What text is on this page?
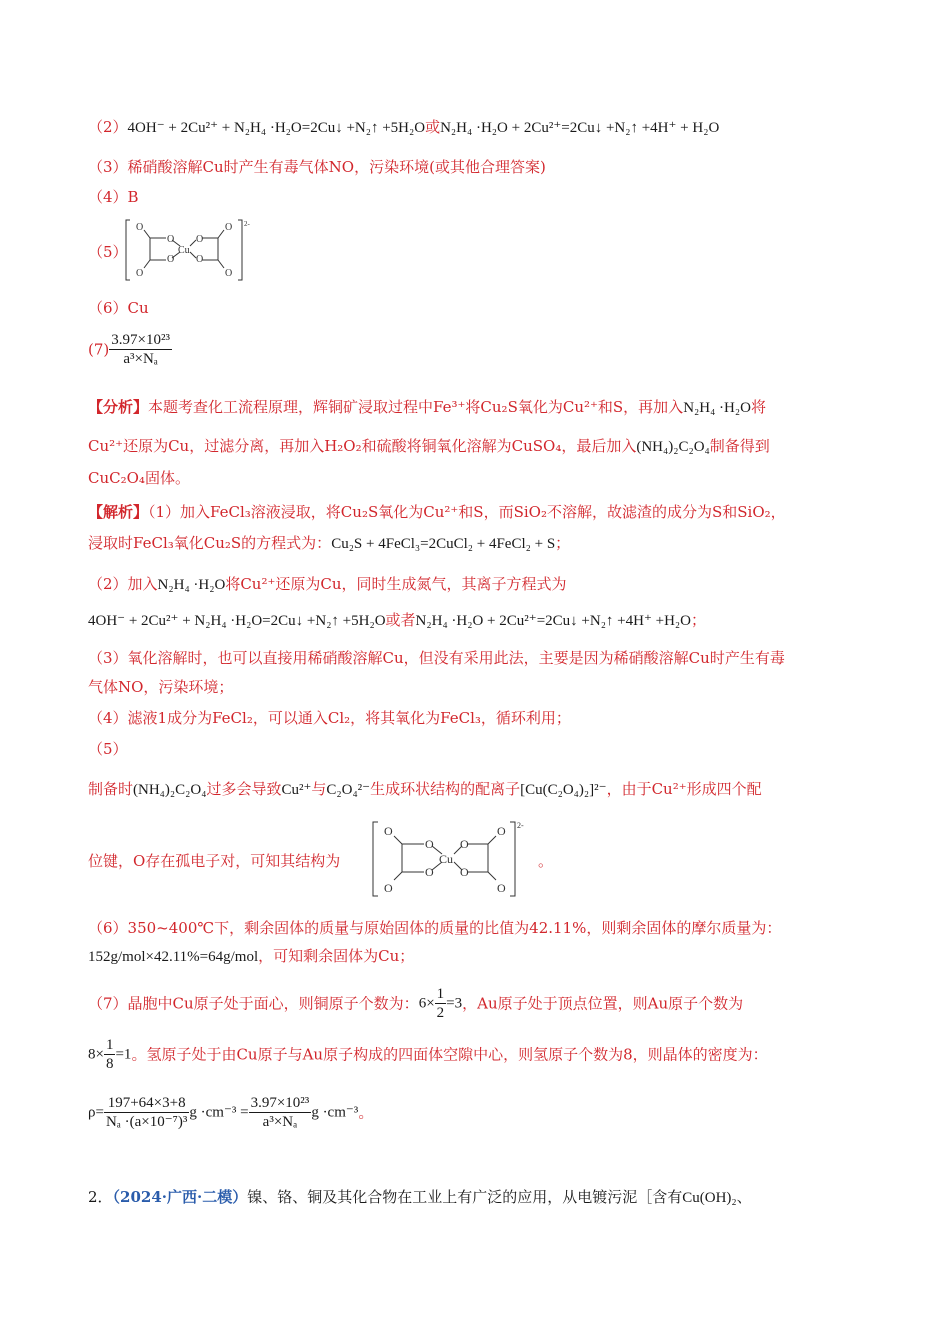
（2）4OH⁻ + 2Cu²⁺ + N₂H₄ ·H₂O=2Cu↓ +N₂↑ +5H₂O或N₂H₄ ·H₂O + 2Cu²⁺=2Cu↓ +N₂↑ +4H⁺ + H₂O
（3）稀硝酸溶解Cu时产生有毒气体NO，污染环境(或其他合理答案)
（4）B
（5）
O
O
O
O
O
O
O
O
Cu
2-
（6）Cu
$(7) \frac{\text{3.97×10²³}}{\text{a³×Nₐ}}$
【分析】本题考查化工流程原理，辉铜矿浸取过程中Fe³⁺将Cu₂S氧化为Cu²⁺和S，再加入N₂H₄ ·H₂O将
Cu²⁺还原为Cu，过滤分离，再加入H₂O₂和硫酸将铜氧化溶解为CuSO₄，最后加入(NH₄)₂C₂O₄制备得到
CuC₂O₄固体。
【解析】（1）加入FeCl₃溶液浸取，将Cu₂S氧化为Cu²⁺和S，而SiO₂不溶解，故滤渣的成分为S和SiO₂，
浸取时FeCl₃氧化Cu₂S的方程式为：Cu₂S + 4FeCl₃=2CuCl₂ + 4FeCl₂ + S；
（2）加入N₂H₄ ·H₂O将Cu²⁺还原为Cu，同时生成氮气，其离子方程式为
4OH⁻ + 2Cu²⁺ + N₂H₄ ·H₂O=2Cu↓ +N₂↑ +5H₂O或者N₂H₄ ·H₂O + 2Cu²⁺=2Cu↓ +N₂↑ +4H⁺ +H₂O；
（3）氧化溶解时，也可以直接用稀硝酸溶解Cu，但没有采用此法，主要是因为稀硝酸溶解Cu时产生有毒
气体NO，污染环境；
（4）滤液1成分为FeCl₂，可以通入Cl₂，将其氧化为FeCl₃，循环利用；
（5）
制备时(NH₄)₂C₂O₄过多会导致Cu²⁺与C₂O₄²⁻生成环状结构的配离子[Cu(C₂O₄)₂]²⁻，由于Cu²⁺形成四个配
位键，O存在孤电子对，可知其结构为	。
O
O
O
O
O
O
O
O
Cu
2-
（6）350~400℃下，剩余固体的质量与原始固体的质量的比值为42.11%，则剩余固体的摩尔质量为：
152g/mol×42.11%=64g/mol，可知剩余固体为Cu；
（7）晶胞中Cu原子处于面心，则铜原子个数为：$6\times \frac{1}{2} =3$，Au原子处于顶点位置，则Au原子个数为
$8\times \frac{1}{8} =1$。氢原子处于由Cu原子与Au原子构成的四面体空隙中心，则氢原子个数为8，则晶体的密度为：
$\rho= \frac{197+64\times 3+8}{\text{Nₐ ·(a×10⁻⁷)³}}$ $g \cdot cm^{-3} = \frac{\text{3.97×10²³}}{\text{a³×Nₐ}}$ g ·cm⁻³。
2．（2024·广西·二模）镍、铬、铜及其化合物在工业上有广泛的应用，从电镀污泥［含有Cu(OH)₂、
